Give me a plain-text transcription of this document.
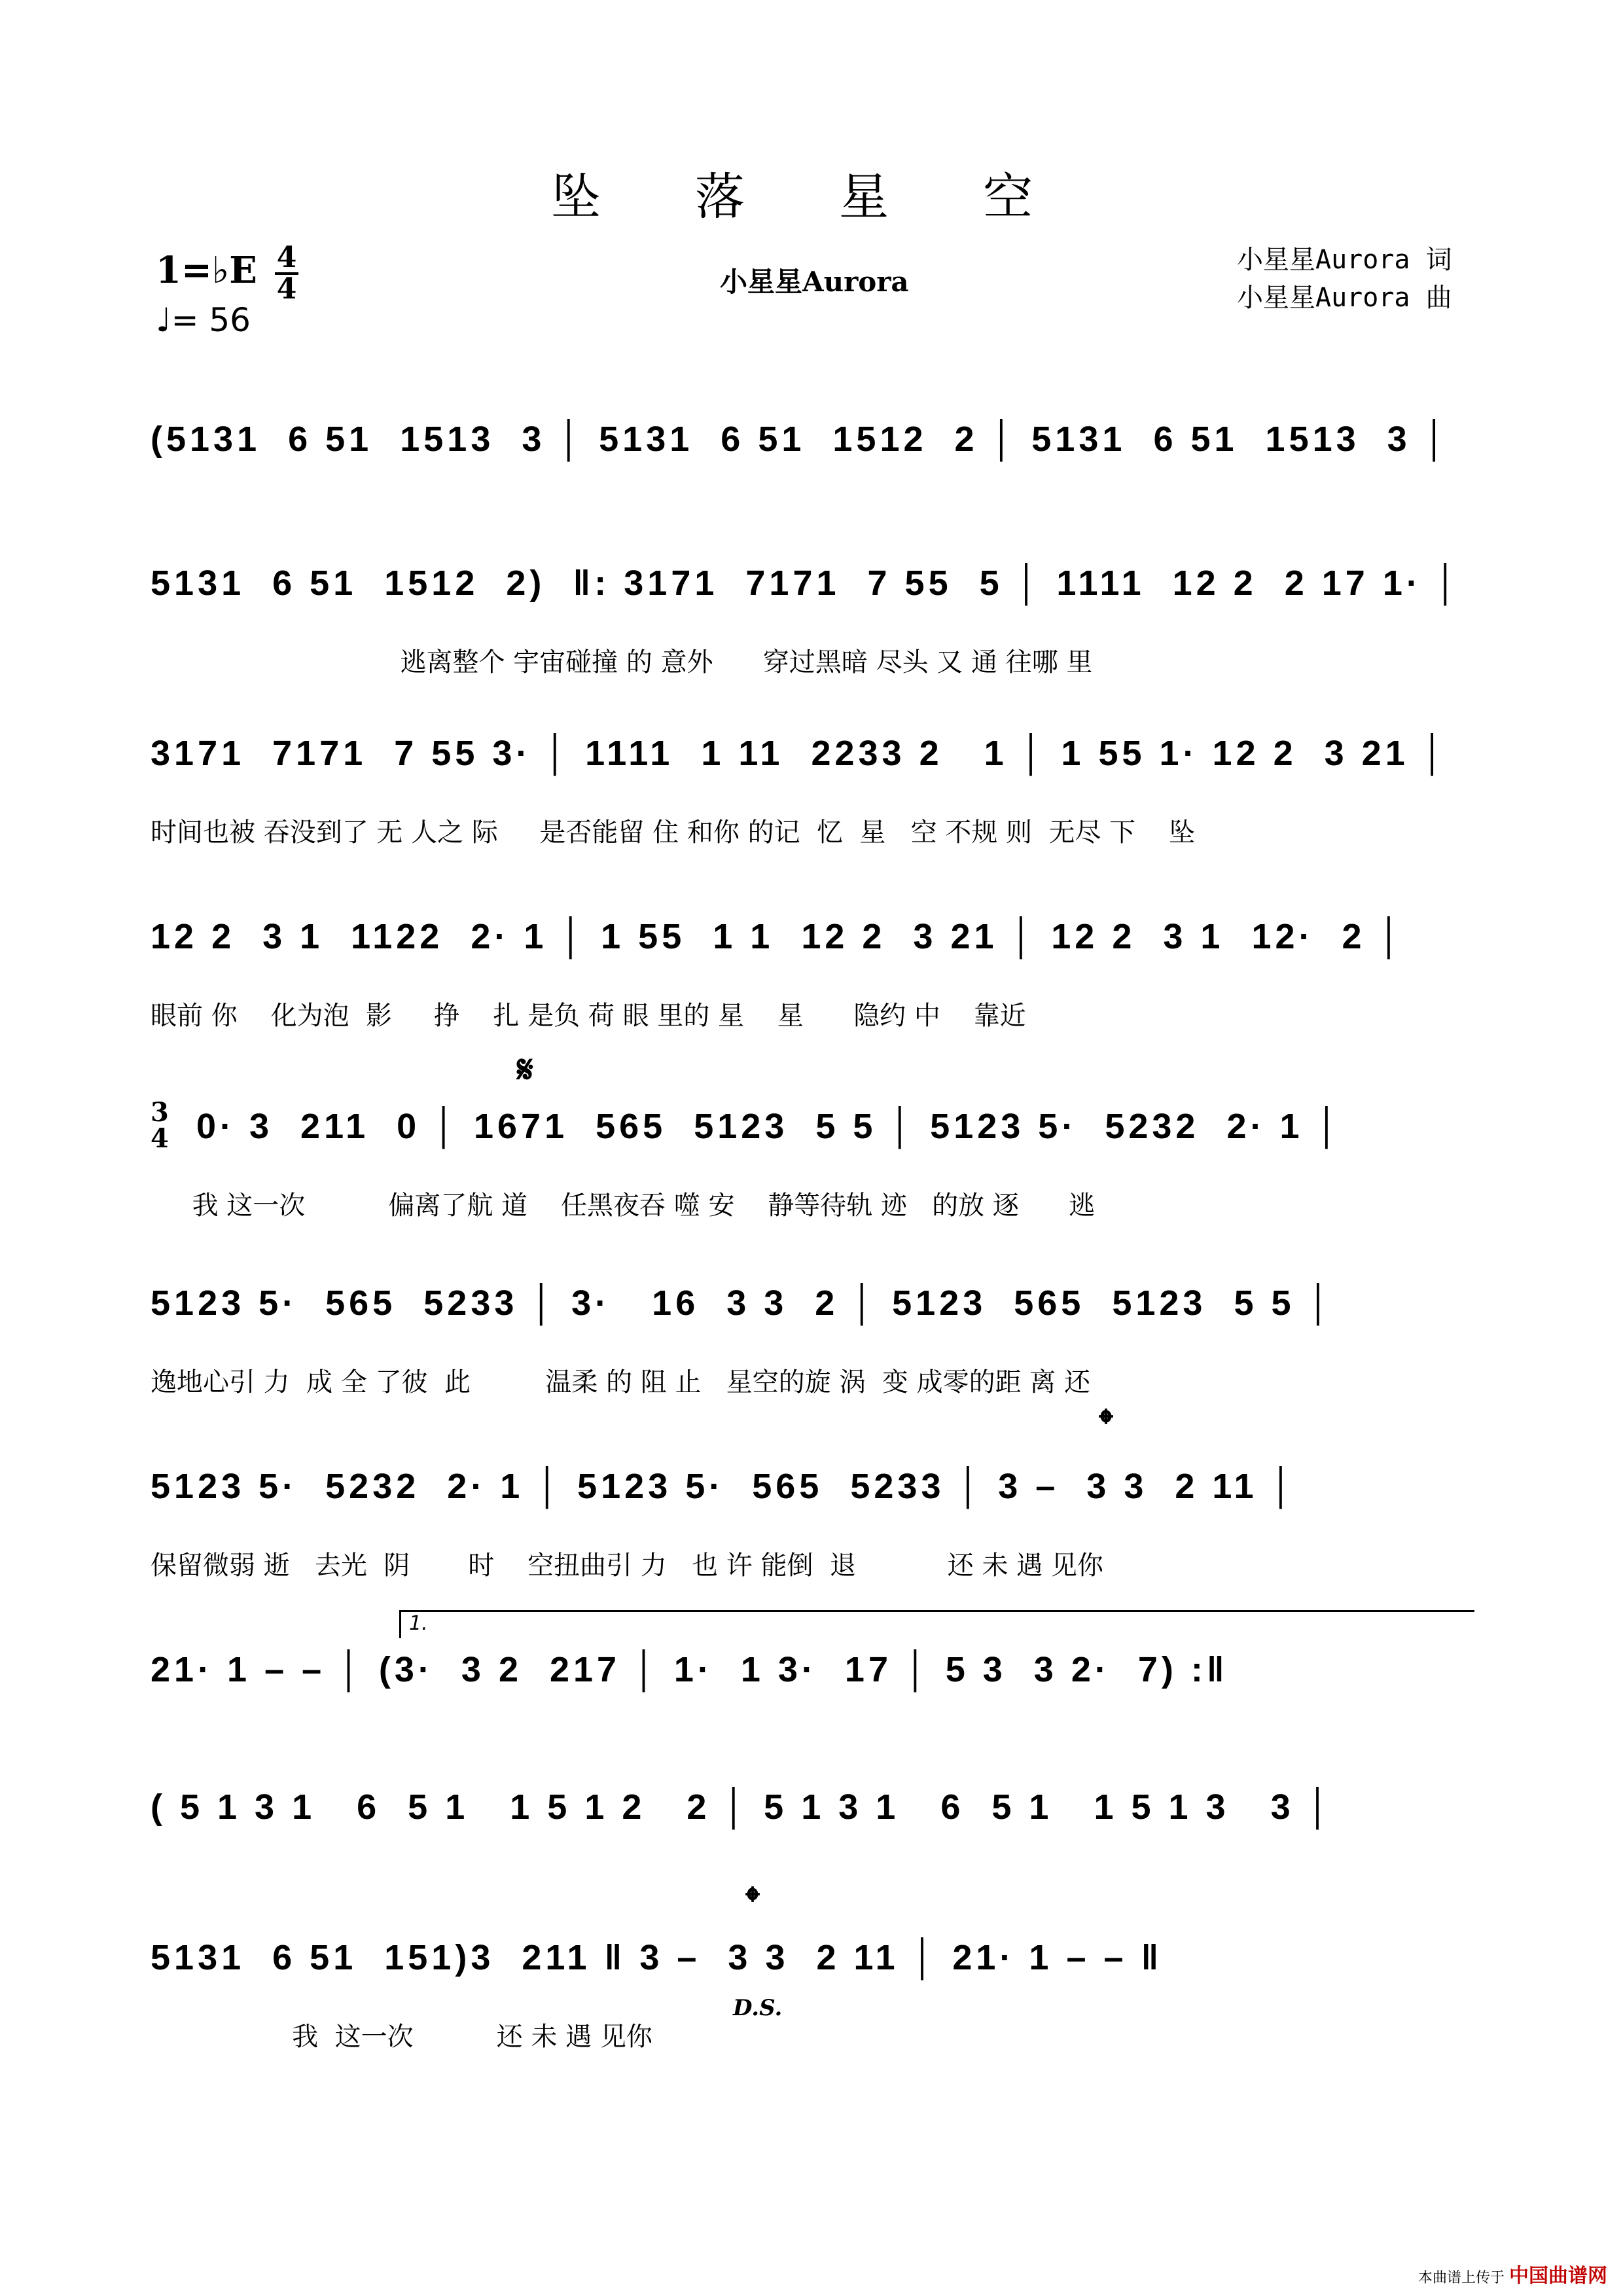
坠 落 星 空
1=♭E 4
4
♩= 56
小星星Aurora
小星星Aurora 词
小星星Aurora 曲
(5131  6 51  1513  3 │ 5131  6 51  1512  2 │ 5131  6 51  1513  3 │
5131  6 51  1512  2)  ‖: 3171  7171  7 55  5 │ 1111  12 2  2 17 1· │
逃离整个 宇宙碰撞 的 意外      穿过黑暗 尽头 又 通 往哪 里
3171  7171  7 55 3· │ 1111  1 11  2233 2   1 │ 1 55 1· 12 2  3 21 │
时间也被 吞没到了 无 人之 际     是否能留 住 和你 的记  忆  星   空 不规 则  无尽 下    坠
12 2  3 1  1122  2· 1 │ 1 55  1 1  12 2  3 21 │ 12 2  3 1  12·  2 │
眼前 你    化为泡  影     挣    扎 是负 荷 眼 里的 星    星      隐约 中    靠近
𝄋
3
4 0· 3  211  0 │ 1671  565  5123  5 5 │ 5123 5·  5232  2· 1 │
我 这一次          偏离了航 道    任黑夜吞 噬 安    静等待轨 迹   的放 逐      逃
5123 5·  565  5233 │ 3·   16  3 3  2 │ 5123  565  5123  5 5 │
逸地心引 力  成 全 了彼  此         温柔 的 阻 止   星空的旋 涡  变 成零的距 离 还
𝄌
5123 5·  5232  2· 1 │ 5123 5·  565  5233 │ 3 –  3 3  2 11 │
保留微弱 逝   去光  阴       时    空扭曲引 力   也 许 能倒  退           还 未 遇 见你
1.
21· 1 – – │ (3·  3 2  217 │ 1·  1 3·  17 │ 5 3  3 2·  7) :‖
( 5 1 3 1   6  5 1   1 5 1 2   2 │ 5 1 3 1   6  5 1   1 5 1 3   3 │
𝄌
5131  6 51  151)3  211 ‖ 3 –  3 3  2 11 │ 21· 1 – – ‖
我  这一次          还 未 遇 见你
D.S.
本曲谱上传于 中国曲谱网
